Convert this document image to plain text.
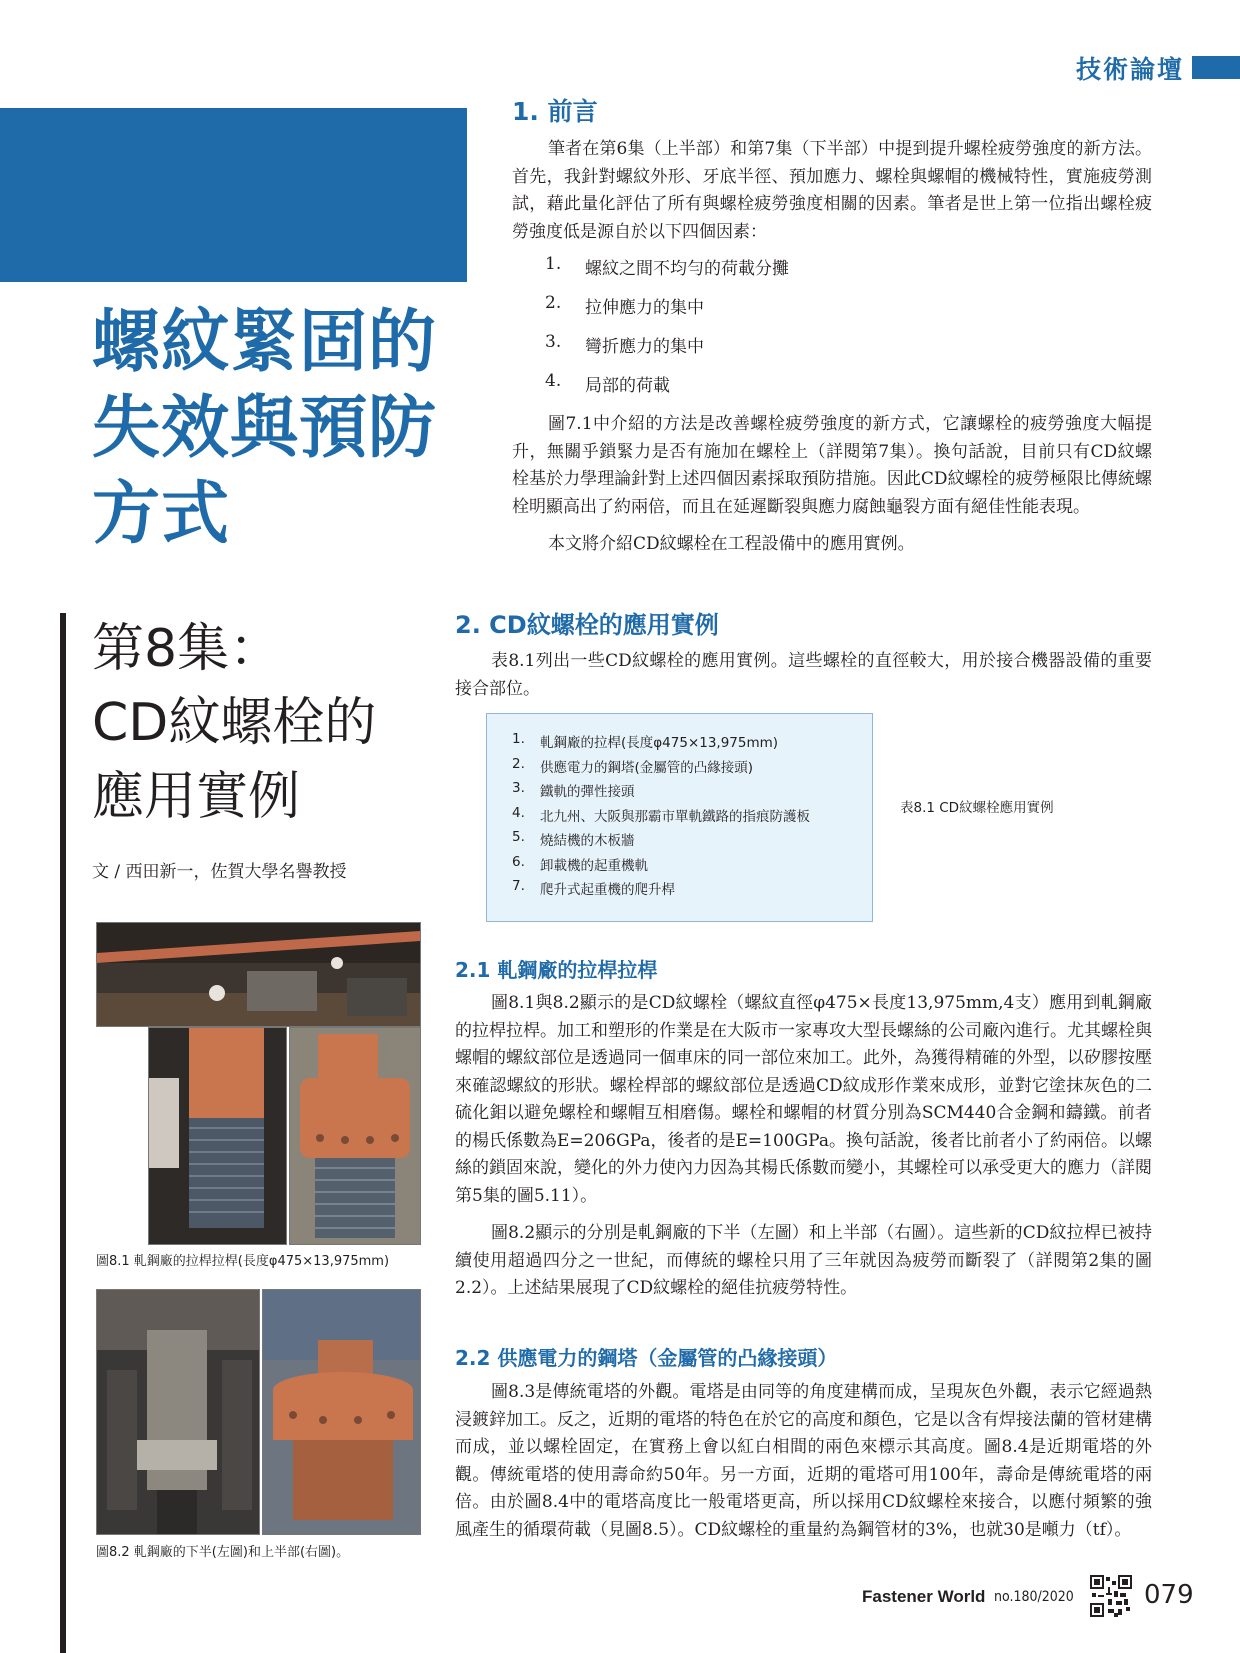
技術論壇
螺紋緊固的
失效與預防
方式
第8集：
CD紋螺栓的
應用實例
文 / 西田新一，佐賀大學名譽教授
圖8.1 軋鋼廠的拉桿拉桿(長度φ475×13,975mm)
圖8.2 軋鋼廠的下半(左圖)和上半部(右圖)。
1. 前言

筆者在第6集（上半部）和第7集（下半部）中提到提升螺栓疲勞強度的新方法。首先，我針對螺紋外形、牙底半徑、預加應力、螺栓與螺帽的機械特性，實施疲勞測試，藉此量化評估了所有與螺栓疲勞強度相關的因素。筆者是世上第一位指出螺栓疲勞強度低是源自於以下四個因素：

1.	螺紋之間不均勻的荷載分攤
2.	拉伸應力的集中
3.	彎折應力的集中
4.	局部的荷載

圖7.1中介紹的方法是改善螺栓疲勞強度的新方式，它讓螺栓的疲勞強度大幅提升，無關乎鎖緊力是否有施加在螺栓上（詳閱第7集）。換句話說，目前只有CD紋螺栓基於力學理論針對上述四個因素採取預防措施。因此CD紋螺栓的疲勞極限比傳統螺栓明顯高出了約兩倍，而且在延遲斷裂與應力腐蝕龜裂方面有絕佳性能表現。

本文將介紹CD紋螺栓在工程設備中的應用實例。

2. CD紋螺栓的應用實例

表8.1列出一些CD紋螺栓的應用實例。這些螺栓的直徑較大，用於接合機器設備的重要接合部位。

1.	軋鋼廠的拉桿(長度φ475×13,975mm)
2.	供應電力的鋼塔(金屬管的凸緣接頭)
3.	鐵軌的彈性接頭
4.	北九州、大阪與那霸市單軌鐵路的指痕防護板
5.	燒結機的木板牆
6.	卸載機的起重機軌
7.	爬升式起重機的爬升桿
表8.1 CD紋螺栓應用實例
2.1 軋鋼廠的拉桿拉桿

圖8.1與8.2顯示的是CD紋螺栓（螺紋直徑φ475×長度13,975mm,4支）應用到軋鋼廠的拉桿拉桿。加工和塑形的作業是在大阪市一家專攻大型長螺絲的公司廠內進行。尤其螺栓與螺帽的螺紋部位是透過同一個車床的同一部位來加工。此外，為獲得精確的外型，以矽膠按壓來確認螺紋的形狀。螺栓桿部的螺紋部位是透過CD紋成形作業來成形，並對它塗抹灰色的二硫化鉬以避免螺栓和螺帽互相磨傷。螺栓和螺帽的材質分別為SCM440合金鋼和鑄鐵。前者的楊氏係數為E=206GPa，後者的是E=100GPa。換句話說，後者比前者小了約兩倍。以螺絲的鎖固來說，變化的外力使內力因為其楊氏係數而變小，其螺栓可以承受更大的應力（詳閱第5集的圖5.11）。

圖8.2顯示的分別是軋鋼廠的下半（左圖）和上半部（右圖）。這些新的CD紋拉桿已被持續使用超過四分之一世紀，而傳統的螺栓只用了三年就因為疲勞而斷裂了（詳閱第2集的圖2.2）。上述結果展現了CD紋螺栓的絕佳抗疲勞特性。

2.2 供應電力的鋼塔（金屬管的凸緣接頭）

圖8.3是傳統電塔的外觀。電塔是由同等的角度建構而成，呈現灰色外觀，表示它經過熱浸鍍鋅加工。反之，近期的電塔的特色在於它的高度和顏色，它是以含有焊接法蘭的管材建構而成，並以螺栓固定，在實務上會以紅白相間的兩色來標示其高度。圖8.4是近期電塔的外觀。傳統電塔的使用壽命約50年。另一方面，近期的電塔可用100年，壽命是傳統電塔的兩倍。由於圖8.4中的電塔高度比一般電塔更高，所以採用CD紋螺栓來接合，以應付頻繁的強風產生的循環荷載（見圖8.5）。CD紋螺栓的重量約為鋼管材的3%，也就30是噸力（tf）。

Fastener World no.180/2020	079
